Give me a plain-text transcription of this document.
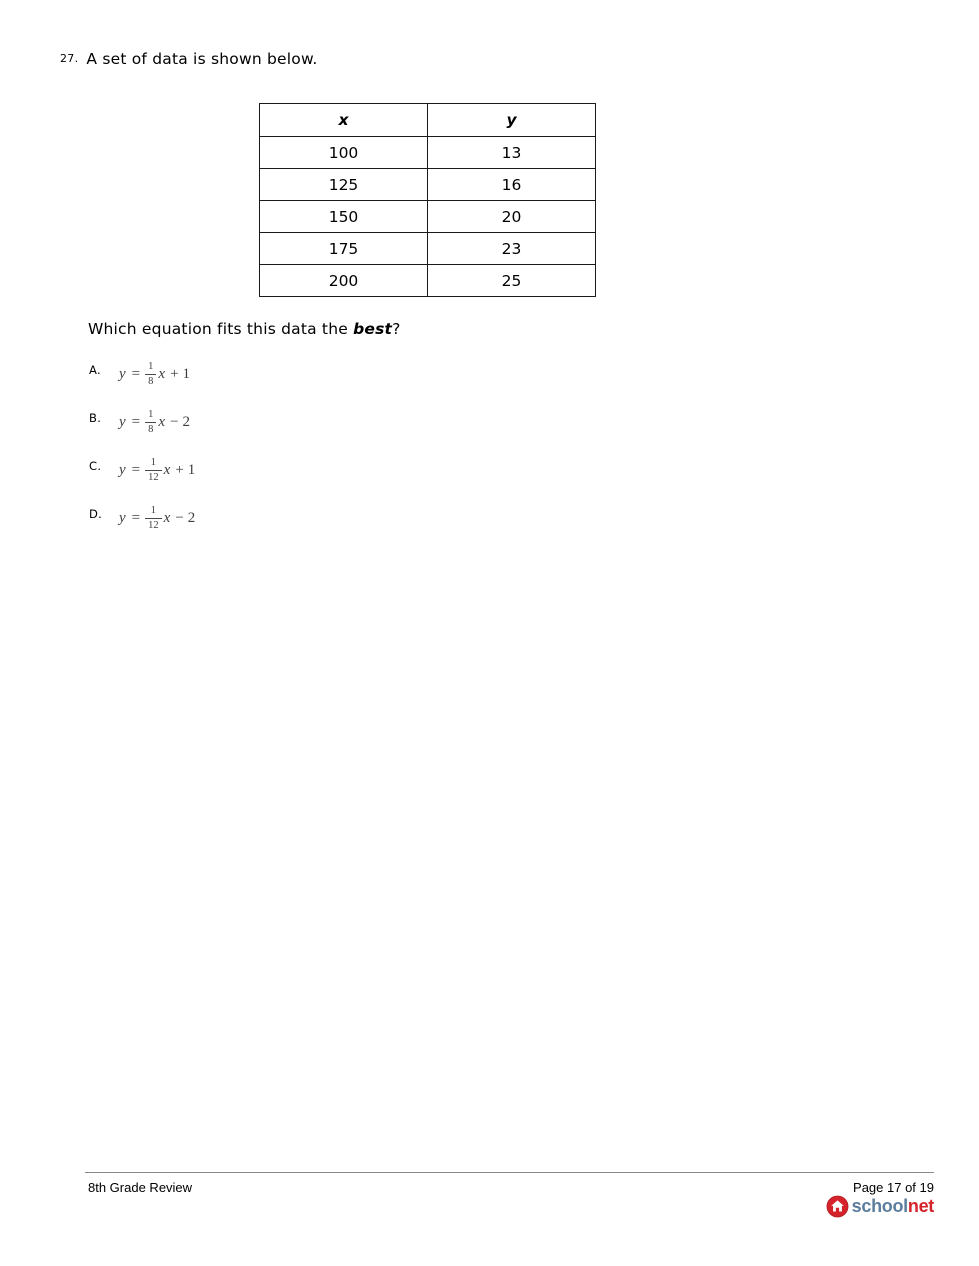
27. A set of data is shown below.
x	y
100	13
125	16
150	20
175	23
200	25
Which equation fits this data the best?
A.	$y = \frac{1}{8}$ x + 1
B.	$y = \frac{1}{8}$ x − 2
C.	$y = \frac{1}{12}$ x + 1
D.	$y = \frac{1}{12}$ x − 2
8th Grade Review	Page 17 of 19
schoolnet
